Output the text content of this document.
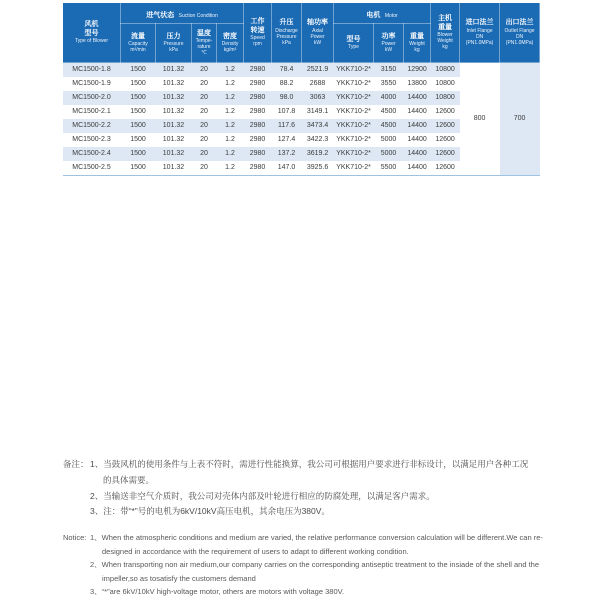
风机
型号
Type of Blower	进气状态 Suction Condition				工作
转速
Speed
rpm	升压
Discharge
Pressure
kPa	轴功率
Axial
Power
kW	电机 Motor			主机
重量
Blower
Weight
kg	进口法兰
Inlet Flange
DN
(PN1.0MPa)	出口法兰
Outlet Flange
DN
(PN1.0MPa)

	流量
Capacity
m³/min	压力
Pressure
kPa	温度
Tempe-rature
℃	密度
Density
kg/m³				型号
Type	功率
Power
kW	重量
Weight
kg			

MC1500-1.8	1500	101.32	20	1.2	2980	78.4	2521.9	YKK710-2*	3150	12900	10800	800	700
MC1500-1.9	1500	101.32	20	1.2	2980	88.2	2688	YKK710-2*	3550	13800	10800		
MC1500-2.0	1500	101.32	20	1.2	2980	98.0	3063	YKK710-2*	4000	14400	10800		
MC1500-2.1	1500	101.32	20	1.2	2980	107.8	3149.1	YKK710-2*	4500	14400	12600		
MC1500-2.2	1500	101.32	20	1.2	2980	117.6	3473.4	YKK710-2*	4500	14400	12600		
MC1500-2.3	1500	101.32	20	1.2	2980	127.4	3422.3	YKK710-2*	5000	14400	12600		
MC1500-2.4	1500	101.32	20	1.2	2980	137.2	3619.2	YKK710-2*	5000	14400	12600		
MC1500-2.5	1500	101.32	20	1.2	2980	147.0	3925.6	YKK710-2*	5500	14400	12600		
备注： 1、当鼓风机的使用条件与上表不符时，需进行性能换算，我公司可根据用户要求进行非标设计，以满足用户各种工况的具体需要。
2、当输送非空气介质时，我公司对壳体内部及叶轮进行相应的防腐处理，以满足客户需求。
3、注：带“*”号的电机为6kV/10kV高压电机，其余电压为380V。
Notice: 1、When the atmospheric conditions and medium are varied, the relative performance conversion calculation will be different.We can re-designed in accordance with the requirement of users to adapt to different working condition.
2、When transporting non air medium,our company carries on the corresponding antiseptic treatment to the insiade of the shell and the impeller,so as tosatisfy the customers demand
3、“*”are 6kV/10kV high-voltage motor, others are motors with voltage 380V.
